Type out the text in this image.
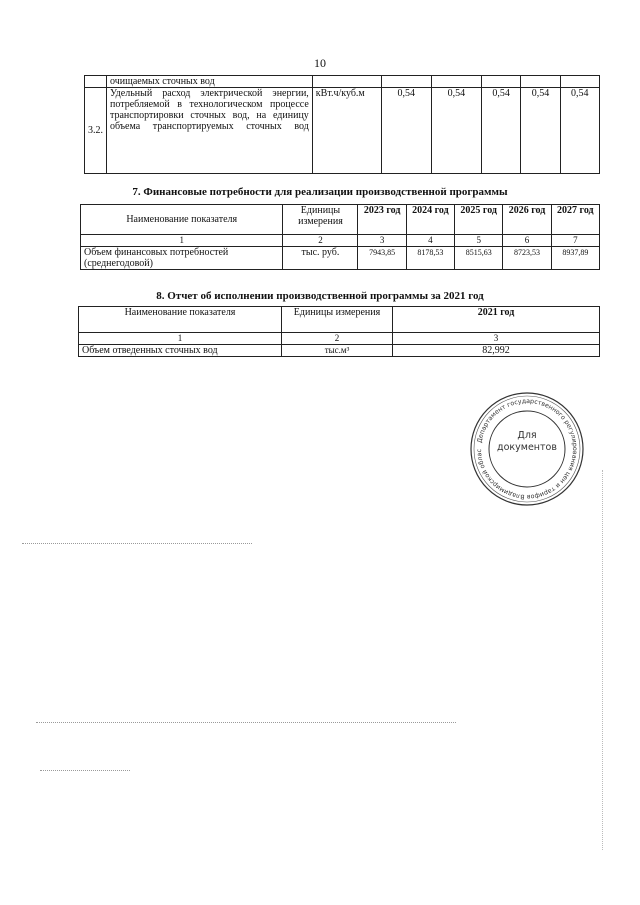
10
	очищаемых сточных вод						
3.2.	Удельный расход электрической энергии, потребляемой в технологическом процессе транспортировки сточных вод, на единицу объема транспортируемых сточных вод	кВт.ч/куб.м	0,54	0,54	0,54	0,54	0,54
7. Финансовые потребности для реализации производственной программы
Наименование показателя	Единицы измерения	2023 год	2024 год	2025 год	2026 год	2027 год
1	2	3	4	5	6	7
Объем финансовых потребностей (среднегодовой)	тыс. руб.	7943,85	8178,53	8515,63	8723,53	8937,89
8. Отчет об исполнении производственной программы за 2021 год
Наименование показателя	Единицы измерения	2021 год
1	2	3
Объем отведенных сточных вод	тыс.м³	82,992
Департамент государственного регулирования цен и тарифов Владимирской облас
Для документов
